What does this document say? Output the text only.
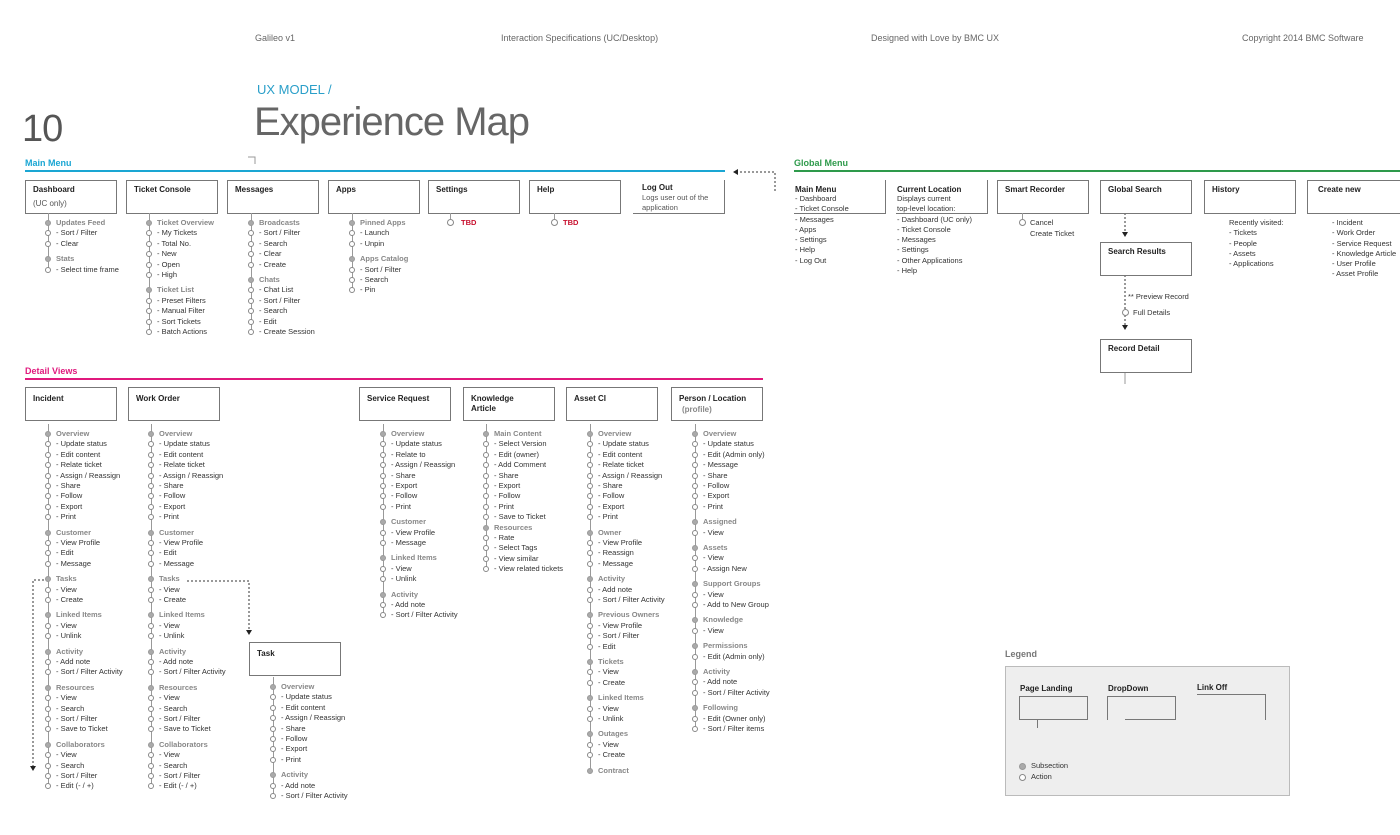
Galileo v1	Interaction Specifications (UC/Desktop)	Designed with Love by BMC UX	Copyright 2014 BMC Software
UX MODEL /
10	Experience Map
Main Menu	Global Menu
Detail Views
Dashboard
(UC only)
Ticket Console	Messages	Apps	Settings	Help	Log Out
Logs user out of the application
TBD	TBD
Updates Feed
- Sort / Filter
- Clear
Stats
- Select time frame
Ticket Overview
- My Tickets
- Total No.
- New
- Open
- High
Ticket List
- Preset Filters
- Manual Filter
- Sort Tickets
- Batch Actions
Broadcasts
- Sort / Filter
- Search
- Clear
- Create
Chats
- Chat List
- Sort / Filter
- Search
- Edit
- Create Session
Pinned Apps
- Launch
- Unpin
Apps Catalog
- Sort / Filter
- Search
- Pin
Main Menu
- Dashboard
- Ticket Console
- Messages
- Apps
- Settings
- Help
- Log Out
Current Location
Displays current
top-level location:
- Dashboard (UC only)
- Ticket Console
- Messages
- Settings
- Other Applications
- Help
Smart Recorder
Cancel
Create Ticket
Global Search
Search Results
** Preview Record
Full Details
Record Detail
History
Recently visited:
- Tickets
- People
- Assets
- Applications
Create new
- Incident
- Work Order
- Service Request
- Knowledge Article
- User Profile
- Asset Profile
Incident	Work Order
Task
Service Request	Knowledge Article
Asset CI	Person / Location
(profile)
Overview
- Update status
- Edit content
- Relate ticket
- Assign / Reassign
- Share
- Follow
- Export
- Print
Customer
- View Profile
- Edit
- Message
Tasks
- View
- Create
Linked Items
- View
- Unlink
Activity
- Add note
- Sort / Filter Activity
Resources
- View
- Search
- Sort / Filter
- Save to Ticket
Collaborators
- View
- Search
- Sort / Filter
- Edit (- / +)
Overview
- Update status
- Edit content
- Relate ticket
- Assign / Reassign
- Share
- Follow
- Export
- Print
Customer
- View Profile
- Edit
- Message
Tasks
- View
- Create
Linked Items
- View
- Unlink
Activity
- Add note
- Sort / Filter Activity
Resources
- View
- Search
- Sort / Filter
- Save to Ticket
Collaborators
- View
- Search
- Sort / Filter
- Edit (- / +)
Overview
- Update status
- Edit content
- Assign / Reassign
- Share
- Follow
- Export
- Print
Activity
- Add note
- Sort / Filter Activity
Overview
- Update status
- Relate to
- Assign / Reassign
- Share
- Export
- Follow
- Print
Customer
- View Profile
- Message
Linked Items
- View
- Unlink
Activity
- Add note
- Sort / Filter Activity
Main Content
- Select Version
- Edit (owner)
- Add Comment
- Share
- Export
- Follow
- Print
- Save to Ticket
Resources
- Rate
- Select Tags
- View similar
- View related tickets
Overview
- Update status
- Edit content
- Relate ticket
- Assign / Reassign
- Share
- Follow
- Export
- Print
Owner
- View Profile
- Reassign
- Message
Activity
- Add note
- Sort / Filter Activity
Previous Owners
- View Profile
- Sort / Filter
- Edit
Tickets
- View
- Create
Linked Items
- View
- Unlink
Outages
- View
- Create
Contract
Overview
- Update status
- Edit (Admin only)
- Message
- Share
- Follow
- Export
- Print
Assigned
- View
Assets
- View
- Assign New
Support Groups
- View
- Add to New Group
Knowledge
- View
Permissions
- Edit (Admin only)
Activity
- Add note
- Sort / Filter Activity
Following
- Edit (Owner only)
- Sort / Filter items
Legend
Page Landing	DropDown	Link Off
Subsection
Action
